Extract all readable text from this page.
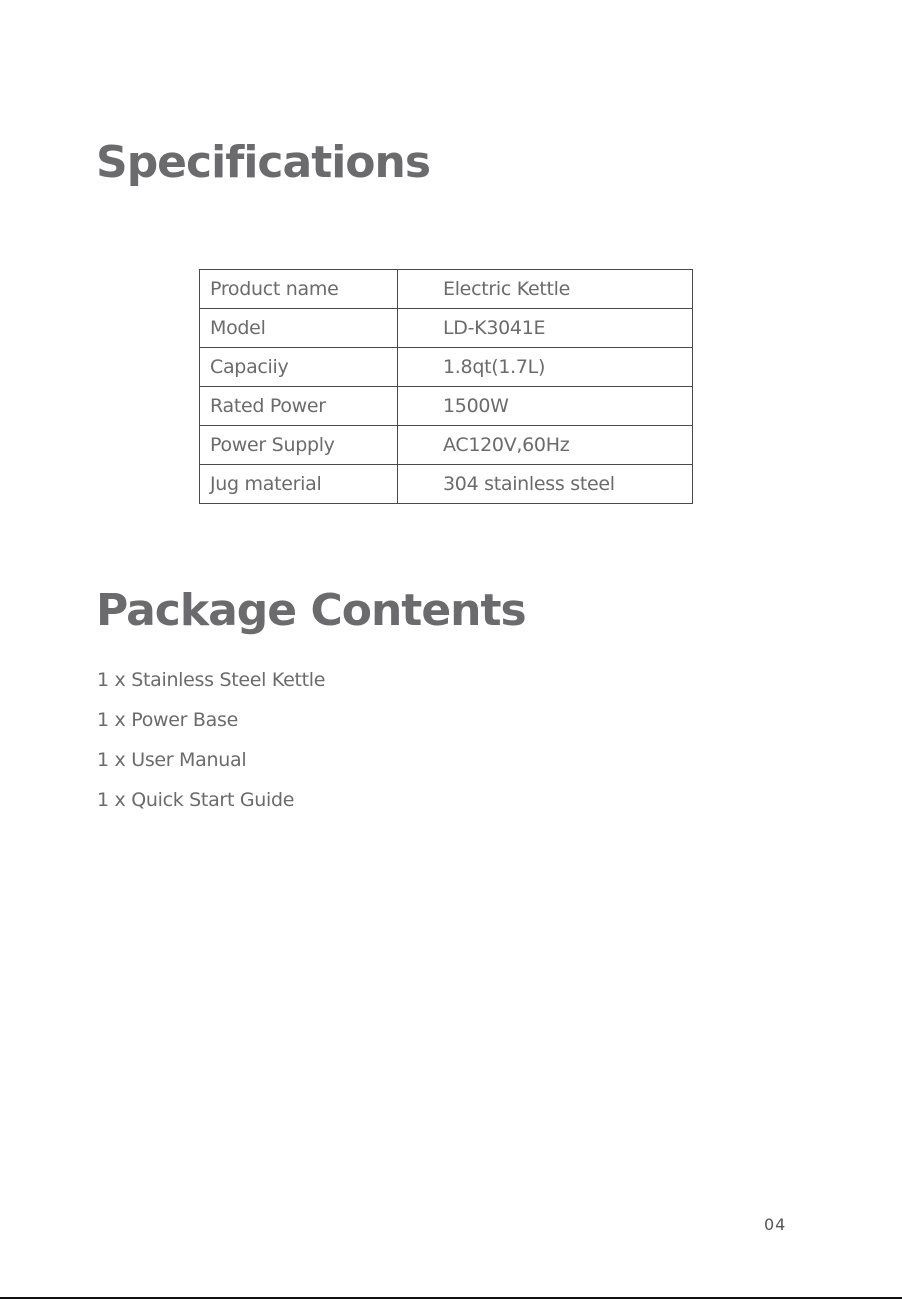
Specifications
Product name	Electric Kettle
Model	LD-K3041E
Capaciiy	1.8qt(1.7L)
Rated Power	1500W
Power Supply	AC120V,60Hz
Jug material	304 stainless steel
Package Contents
1 x Stainless Steel Kettle
1 x Power Base
1 x User Manual
1 x Quick Start Guide
04
